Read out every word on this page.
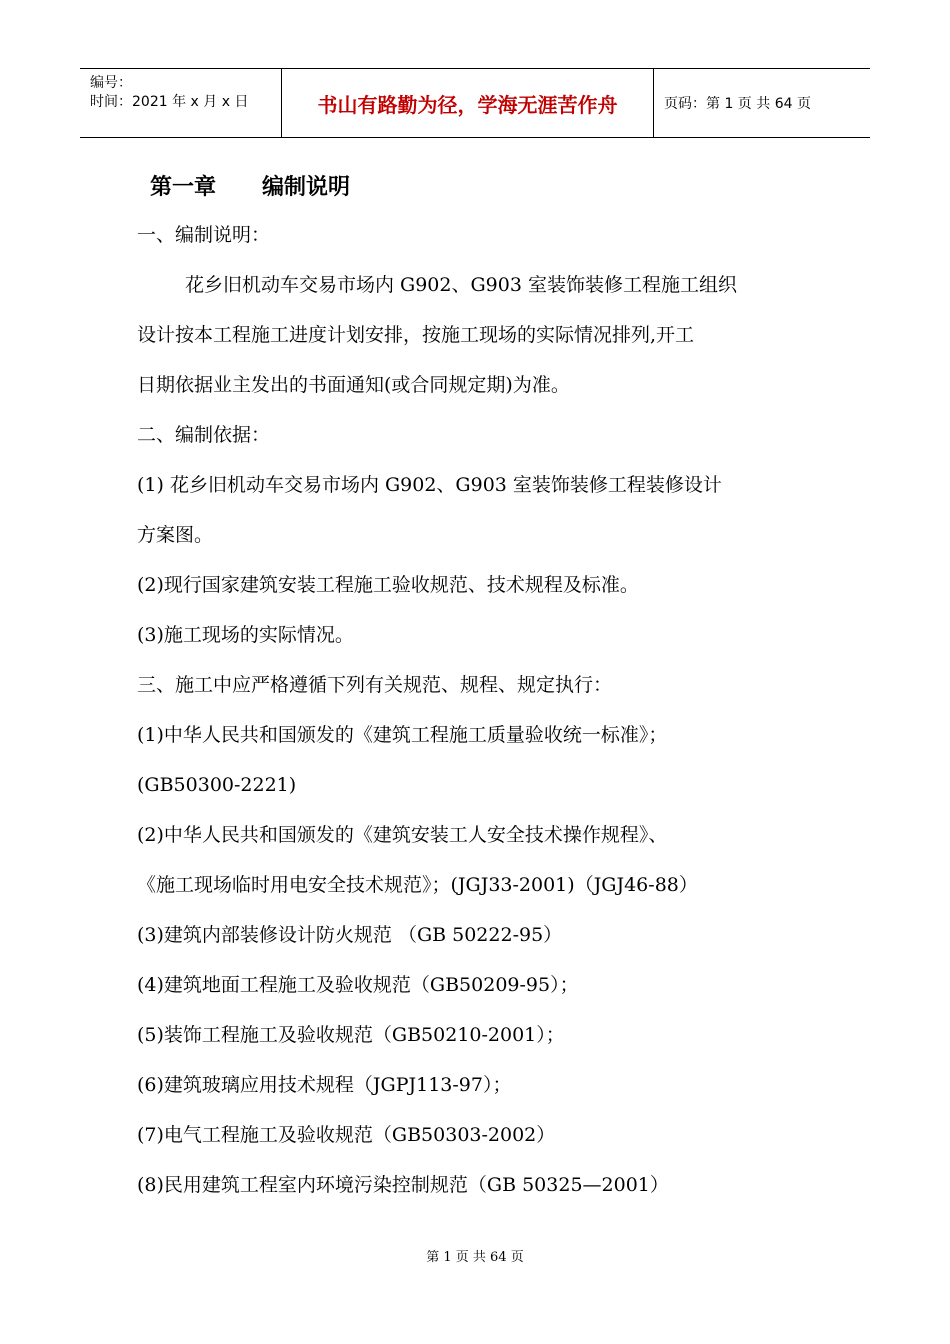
编号：
时间：2021 年 x 月 x 日	书山有路勤为径，学海无涯苦作舟	页码：第 1 页 共 64 页
第一章      编制说明
一、编制说明：
花乡旧机动车交易市场内 G902、G903 室装饰装修工程施工组织
设计按本工程施工进度计划安排，按施工现场的实际情况排列,开工
日期依据业主发出的书面通知(或合同规定期)为准。
二、编制依据：
(1) 花乡旧机动车交易市场内 G902、G903 室装饰装修工程装修设计
方案图。
(2)现行国家建筑安装工程施工验收规范、技术规程及标准。
(3)施工现场的实际情况。
三、施工中应严格遵循下列有关规范、规程、规定执行：
(1)中华人民共和国颁发的《建筑工程施工质量验收统一标准》；
(GB50300-2221)
(2)中华人民共和国颁发的《建筑安装工人安全技术操作规程》、
《施工现场临时用电安全技术规范》；(JGJ33-2001)（JGJ46-88）
(3)建筑内部装修设计防火规范 （GB 50222-95）
(4)建筑地面工程施工及验收规范（GB50209-95）；
(5)装饰工程施工及验收规范（GB50210-2001）；
(6)建筑玻璃应用技术规程（JGPJ113-97）；
(7)电气工程施工及验收规范（GB50303-2002）
(8)民用建筑工程室内环境污染控制规范（GB 50325—2001）
第 1 页 共 64 页
